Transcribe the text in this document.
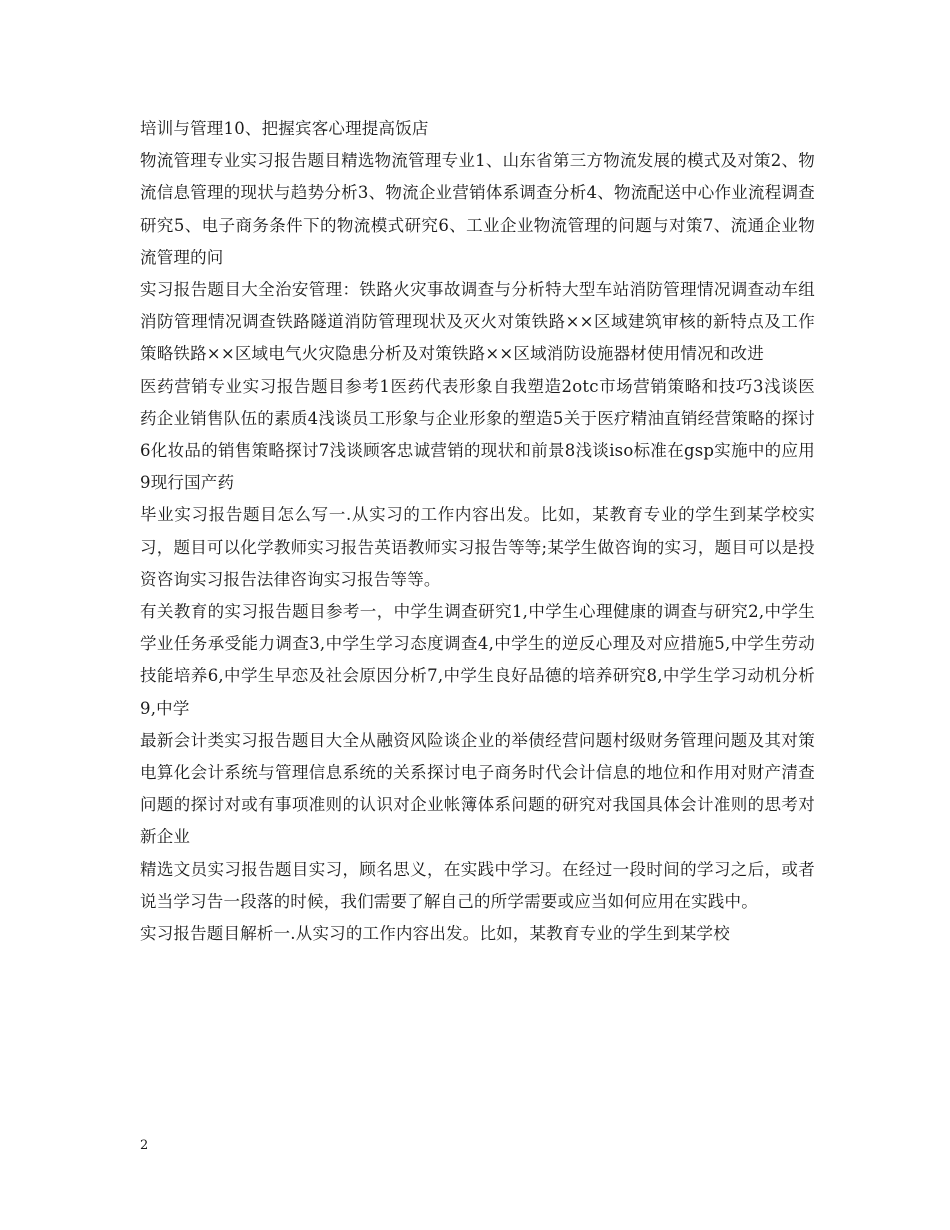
培训与管理10、把握宾客心理提高饭店

物流管理专业实习报告题目精选物流管理专业1、山东省第三方物流发展的模式及对策2、物流信息管理的现状与趋势分析3、物流企业营销体系调查分析4、物流配送中心作业流程调查研究5、电子商务条件下的物流模式研究6、工业企业物流管理的问题与对策7、流通企业物流管理的问

实习报告题目大全治安管理：铁路火灾事故调查与分析特大型车站消防管理情况调查动车组消防管理情况调查铁路隧道消防管理现状及灭火对策铁路××区域建筑审核的新特点及工作策略铁路××区域电气火灾隐患分析及对策铁路××区域消防设施器材使用情况和改进

医药营销专业实习报告题目参考1医药代表形象自我塑造2otc市场营销策略和技巧3浅谈医药企业销售队伍的素质4浅谈员工形象与企业形象的塑造5关于医疗精油直销经营策略的探讨6化妆品的销售策略探讨7浅谈顾客忠诚营销的现状和前景8浅谈iso标准在gsp实施中的应用9现行国产药

毕业实习报告题目怎么写一.从实习的工作内容出发。比如，某教育专业的学生到某学校实习，题目可以化学教师实习报告英语教师实习报告等等;某学生做咨询的实习，题目可以是投资咨询实习报告法律咨询实习报告等等。

有关教育的实习报告题目参考一，中学生调查研究1,中学生心理健康的调查与研究2,中学生学业任务承受能力调查3,中学生学习态度调查4,中学生的逆反心理及对应措施5,中学生劳动技能培养6,中学生早恋及社会原因分析7,中学生良好品德的培养研究8,中学生学习动机分析9,中学

最新会计类实习报告题目大全从融资风险谈企业的举债经营问题村级财务管理问题及其对策电算化会计系统与管理信息系统的关系探讨电子商务时代会计信息的地位和作用对财产清查问题的探讨对或有事项准则的认识对企业帐簿体系问题的研究对我国具体会计准则的思考对新企业

精选文员实习报告题目实习，顾名思义，在实践中学习。在经过一段时间的学习之后，或者说当学习告一段落的时候，我们需要了解自己的所学需要或应当如何应用在实践中。

实习报告题目解析一.从实习的工作内容出发。比如，某教育专业的学生到某学校

2
